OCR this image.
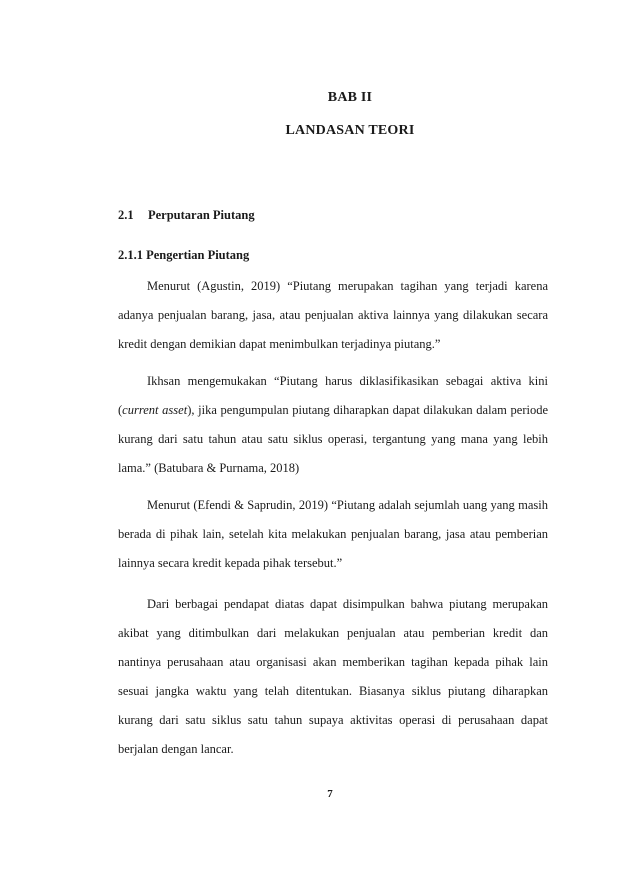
BAB II
LANDASAN TEORI
2.1 Perputaran Piutang
2.1.1 Pengertian Piutang

Menurut (Agustin, 2019) “Piutang merupakan tagihan yang terjadi karena adanya penjualan barang, jasa, atau penjualan aktiva lainnya yang dilakukan secara kredit dengan demikian dapat menimbulkan terjadinya piutang.”

Ikhsan mengemukakan “Piutang harus diklasifikasikan sebagai aktiva kini (current asset), jika pengumpulan piutang diharapkan dapat dilakukan dalam periode kurang dari satu tahun atau satu siklus operasi, tergantung yang mana yang lebih lama.” (Batubara & Purnama, 2018)

Menurut (Efendi & Saprudin, 2019) “Piutang adalah sejumlah uang yang masih berada di pihak lain, setelah kita melakukan penjualan barang, jasa atau pemberian lainnya secara kredit kepada pihak tersebut.”

Dari berbagai pendapat diatas dapat disimpulkan bahwa piutang merupakan akibat yang ditimbulkan dari melakukan penjualan atau pemberian kredit dan nantinya perusahaan atau organisasi akan memberikan tagihan kepada pihak lain sesuai jangka waktu yang telah ditentukan. Biasanya siklus piutang diharapkan kurang dari satu siklus satu tahun supaya aktivitas operasi di perusahaan dapat berjalan dengan lancar.

7
